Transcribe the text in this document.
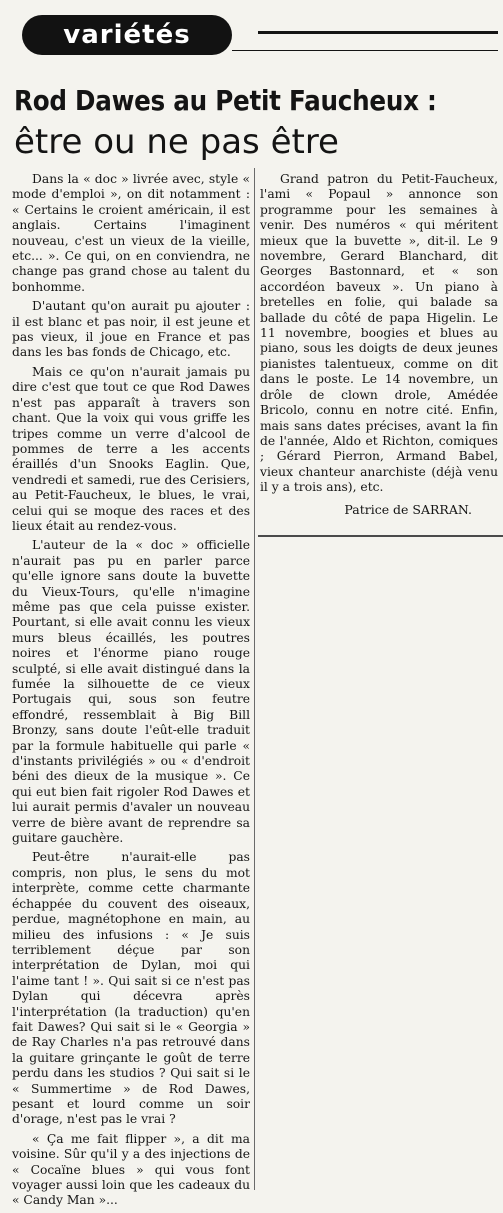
variétés
Rod Dawes au Petit Faucheux :
être ou ne pas être

Dans la « doc » livrée avec, style « mode d'emploi », on dit notamment : « Certains le croient américain, il est anglais. Certains l'imaginent nouveau, c'est un vieux de la vieille, etc... ». Ce qui, on en conviendra, ne change pas grand chose au talent du bonhomme.

D'autant qu'on aurait pu ajouter : il est blanc et pas noir, il est jeune et pas vieux, il joue en France et pas dans les bas fonds de Chicago, etc.

Mais ce qu'on n'aurait jamais pu dire c'est que tout ce que Rod Dawes n'est pas apparaît à travers son chant. Que la voix qui vous griffe les tripes comme un verre d'alcool de pommes de terre a les accents éraillés d'un Snooks Eaglin. Que, vendredi et samedi, rue des Cerisiers, au Petit-Faucheux, le blues, le vrai, celui qui se moque des races et des lieux était au rendez-vous.

L'auteur de la « doc » officielle n'aurait pas pu en parler parce qu'elle ignore sans doute la buvette du Vieux-Tours, qu'elle n'imagine même pas que cela puisse exister. Pourtant, si elle avait connu les vieux murs bleus écaillés, les poutres noires et l'énorme piano rouge sculpté, si elle avait distingué dans la fumée la silhouette de ce vieux Portugais qui, sous son feutre effondré, ressemblait à Big Bill Bronzy, sans doute l'eût-elle traduit par la formule habituelle qui parle « d'instants privilégiés » ou « d'endroit béni des dieux de la musique ». Ce qui eut bien fait rigoler Rod Dawes et lui aurait permis d'avaler un nouveau verre de bière avant de reprendre sa guitare gauchère.

Peut-être n'aurait-elle pas compris, non plus, le sens du mot interprète, comme cette charmante échappée du couvent des oiseaux, perdue, magnétophone en main, au milieu des infusions : « Je suis terriblement déçue par son interprétation de Dylan, moi qui l'aime tant ! ». Qui sait si ce n'est pas Dylan qui décevra après l'interprétation (la traduction) qu'en fait Dawes? Qui sait si le « Georgia » de Ray Charles n'a pas retrouvé dans la guitare grinçante le goût de terre perdu dans les studios ? Qui sait si le « Summertime » de Rod Dawes, pesant et lourd comme un soir d'orage, n'est pas le vrai ?

« Ça me fait flipper », a dit ma voisine. Sûr qu'il y a des injections de « Cocaïne blues » qui vous font voyager aussi loin que les cadeaux du « Candy Man »...

Grand patron du Petit-Faucheux, l'ami « Popaul » annonce son programme pour les semaines à venir. Des numéros « qui méritent mieux que la buvette », dit-il. Le 9 novembre, Gerard Blanchard, dit Georges Bastonnard, et « son accordéon baveux ». Un piano à bretelles en folie, qui balade sa ballade du côté de papa Higelin. Le 11 novembre, boogies et blues au piano, sous les doigts de deux jeunes pianistes talentueux, comme on dit dans le poste. Le 14 novembre, un drôle de clown drole, Amédée Bricolo, connu en notre cité. Enfin, mais sans dates précises, avant la fin de l'année, Aldo et Richton, comiques ; Gérard Pierron, Armand Babel, vieux chanteur anarchiste (déjà venu il y a trois ans), etc.

Patrice de SARRAN.
